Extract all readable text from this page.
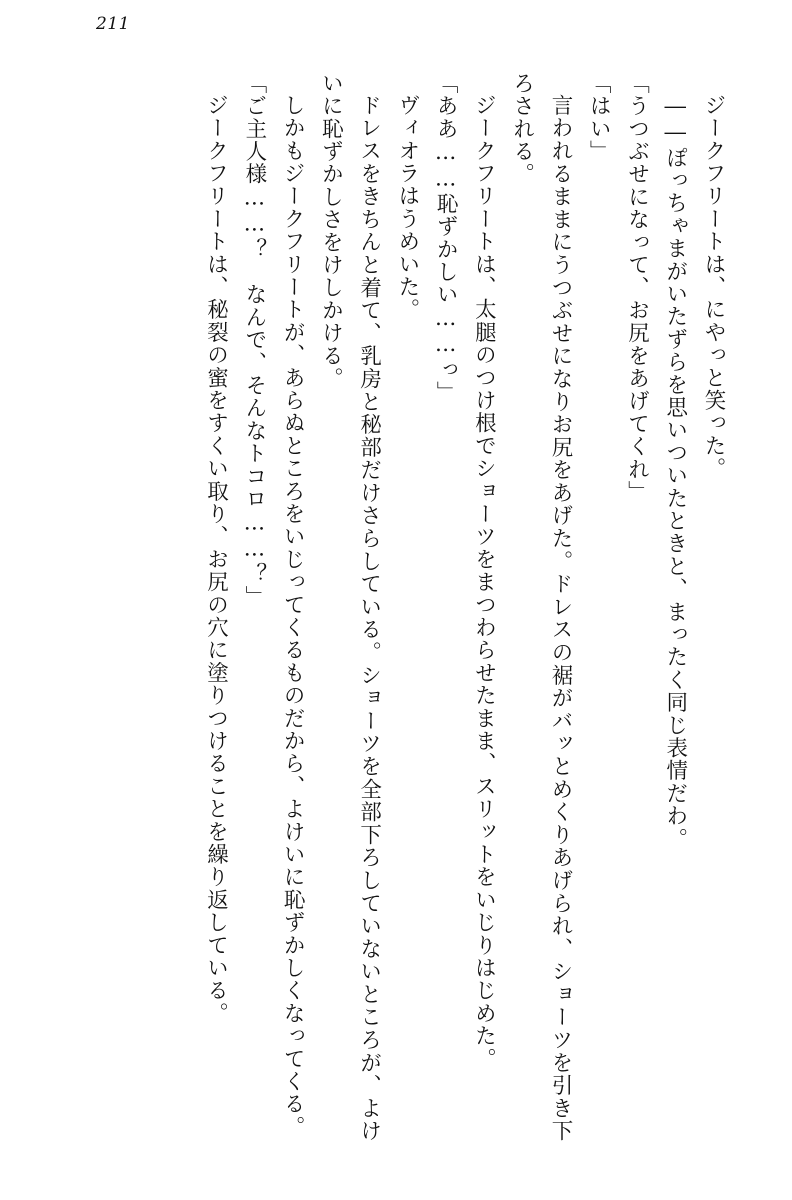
211

ジークフリートは、にやっと笑った。

――ぽっちゃまがいたずらを思いついたときと、まったく同じ表情だわ。

「うつぶせになって、お尻をあげてくれ」

「はい」

言われるままにうつぶせになりお尻をあげた。ドレスの裾がバッとめくりあげられ、ショーツを引き下ろされる。

ジークフリートは、太腿のつけ根でショーツをまつわらせたまま、スリットをいじりはじめた。

「ああ……恥ずかしい……っ」

ヴィオラはうめいた。

ドレスをきちんと着て、乳房と秘部だけさらしている。ショーツを全部下ろしていないところが、よけいに恥ずかしさをけしかける。

しかもジークフリートが、あらぬところをいじってくるものだから、よけいに恥ずかしくなってくる。

「ご主人様……？　なんで、そんなトコロ……？」

ジークフリートは、秘裂の蜜をすくい取り、お尻の穴に塗りつけることを繰り返している。
